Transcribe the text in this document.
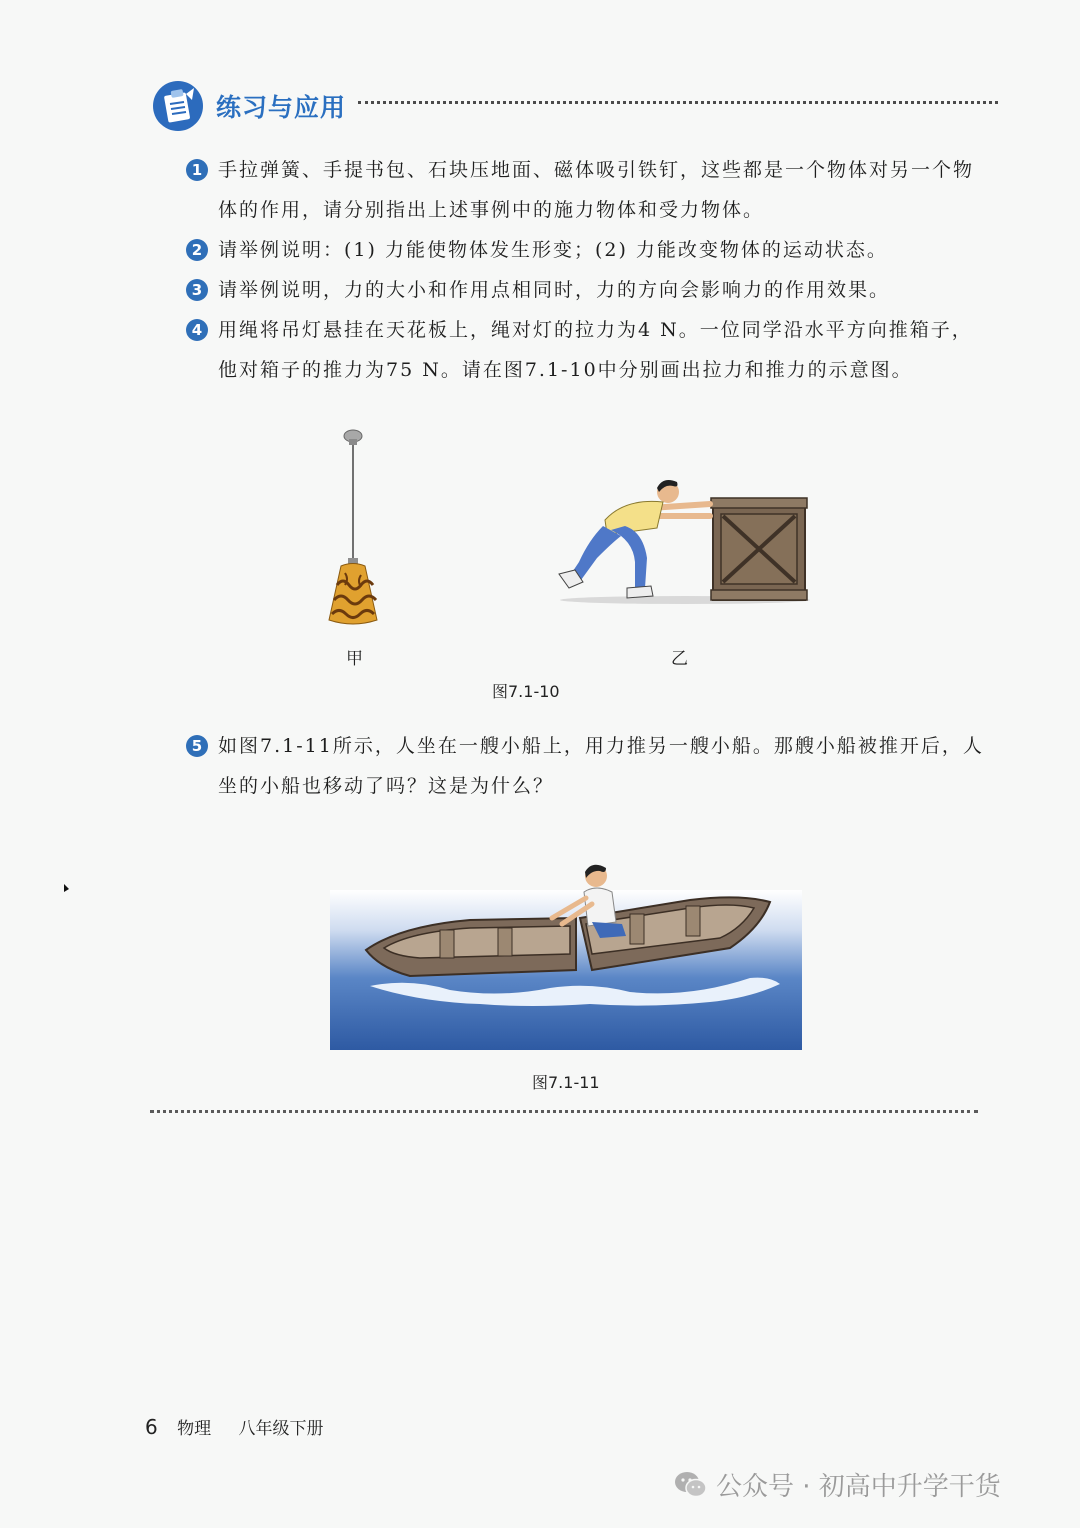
练习与应用
1 手拉弹簧、手提书包、石块压地面、磁体吸引铁钉，这些都是一个物体对另一个物体的作用，请分别指出上述事例中的施力物体和受力物体。
2 请举例说明：(1) 力能使物体发生形变；(2) 力能改变物体的运动状态。
3 请举例说明，力的大小和作用点相同时，力的方向会影响力的作用效果。
4 用绳将吊灯悬挂在天花板上，绳对灯的拉力为4 N。一位同学沿水平方向推箱子，他对箱子的推力为75 N。请在图7.1-10中分别画出拉力和推力的示意图。
甲	乙
图7.1-10
5 如图7.1-11所示，人坐在一艘小船上，用力推另一艘小船。那艘小船被推开后，人坐的小船也移动了吗？这是为什么？
图7.1-11
6 物理 八年级下册
公众号 · 初高中升学干货
